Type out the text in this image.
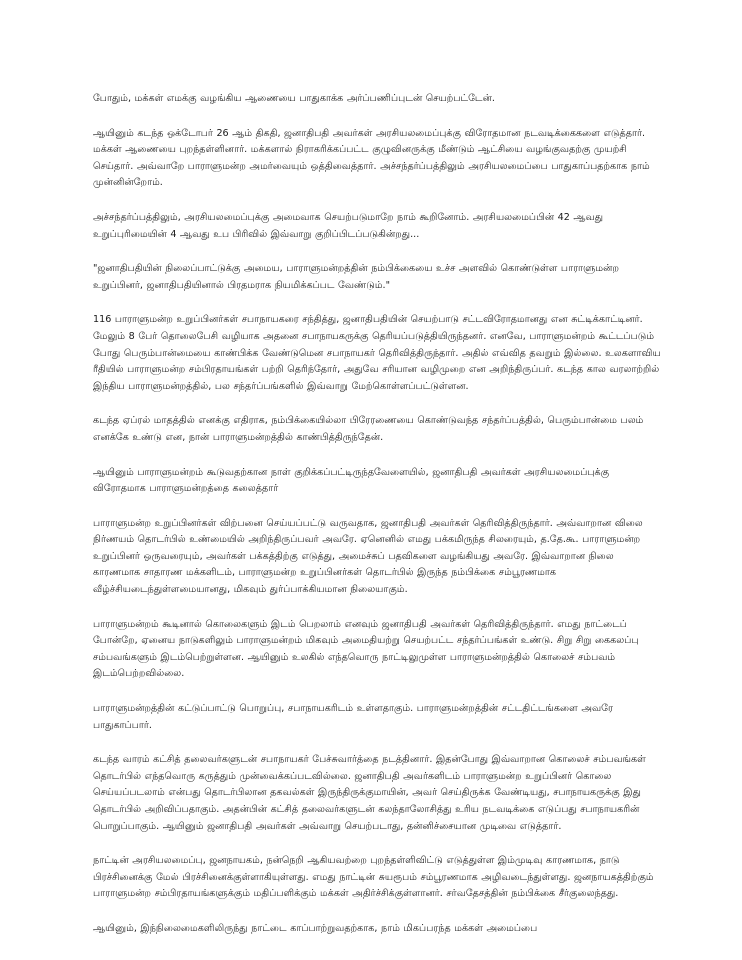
போதும், மக்கள் எமக்கு வழங்கிய ஆணையை பாதுகாக்க அர்ப்பணிப்புடன் செயற்பட்டேன்.

ஆயினும் கடந்த ஒக்டோபர் 26 ஆம் திகதி, ஜனாதிபதி அவர்கள் அரசியலமைப்புக்கு விரோதமான நடவடிக்கைகளை எடுத்தார். மக்கள் ஆணையை புறந்தள்ளினார். மக்களால் நிராகரிக்கப்பட்ட குழுவினருக்கு மீண்டும் ஆட்சியை வழங்குவதற்கு முயற்சி செய்தார். அவ்வாறே பாராளுமன்ற அமர்வையும் ஒத்திவைத்தார். அச்சந்தர்ப்பத்திலும் அரசியலமைப்பை பாதுகாப்பதற்காக நாம் முன்னின்றோம்.

அச்சந்தர்ப்பத்திலும், அரசியலமைப்புக்கு அமைவாக செயற்படுமாறே நாம் கூறினோம். அரசியலமைப்பின் 42 ஆவது உறுப்புரிமையின் 4 ஆவது உப பிரிவில் இவ்வாறு குறிப்பிடப்படுகின்றது...

"ஜனாதிபதியின் நிலைப்பாட்டுக்கு அமைய, பாராளுமன்றத்தின் நம்பிக்கையை உச்ச அளவில் கொண்டுள்ள பாராளுமன்ற உறுப்பினர், ஜனாதிபதியினால் பிரதமராக நியமிக்கப்பட வேண்டும்."

116 பாராளுமன்ற உறுப்பினர்கள் சபாநாயகரை சந்தித்து, ஜனாதிபதியின் செயற்பாடு சட்டவிரோதமானது என சுட்டிக்காட்டினர். மேலும் 8 பேர் தொலைபேசி வழியாக அதனை சபாநாயகருக்கு தெரியப்படுத்தியிருந்தனர். எனவே, பாராளுமன்றம் கூட்டப்படும் போது பெரும்பான்மையை காண்பிக்க வேண்டுமென சபாநாயகர் தெரிவித்திருந்தார். அதில் எவ்வித தவறும் இல்லை. உலகளாவிய ரீதியில் பாராளுமன்ற சம்பிரதாயங்கள் பற்றி தெரிந்தோர், அதுவே சரியான வழிமுறை என அறிந்திருப்பர். கடந்த கால வரலாற்றில் இந்திய பாராளுமன்றத்தில், பல சந்தர்ப்பங்களில் இவ்வாறு மேற்கொள்ளப்பட்டுள்ளன.

கடந்த ஏப்ரல் மாதத்தில் எனக்கு எதிராக, நம்பிக்கையில்லா பிரேரணையை கொண்டுவந்த சந்தர்ப்பத்தில், பெரும்பான்மை பலம் எனக்கே உண்டு என, நான் பாராளுமன்றத்தில் காண்பித்திருந்தேன்.

ஆயினும் பாராளுமன்றம் கூடுவதற்கான நாள் குறிக்கப்பட்டிருந்தவேளையில், ஜனாதிபதி அவர்கள் அரசியலமைப்புக்கு விரோதமாக பாராளுமன்றத்தை கலைத்தார்

பாராளுமன்ற உறுப்பினர்கள் விற்பனை செய்யப்பட்டு வருவதாக, ஜனாதிபதி அவர்கள் தெரிவித்திருந்தார். அவ்வாறான விலை நிர்ணயம் தொடர்பில் உண்மையில் அறிந்திருப்பவர் அவரே. ஏனெனில் எமது பக்கமிருந்த சிலரையும், த.தே.கூ. பாராளுமன்ற உறுப்பினர் ஒருவரையும், அவர்கள் பக்கத்திற்கு எடுத்து, அமைச்சுப் பதவிகளை வழங்கியது அவரே. இவ்வாறான நிலை காரணமாக சாதாரண மக்களிடம், பாராளுமன்ற உறுப்பினர்கள் தொடர்பில் இருந்த நம்பிக்கை சம்பூரணமாக வீழ்ச்சியடைந்துள்ளமையானது, மிகவும் துர்ப்பாக்கியமான நிலையாகும்.

பாராளுமன்றம் கூடினால் கொலைகளும் இடம் பெறலாம் எனவும் ஜனாதிபதி அவர்கள் தெரிவித்திருந்தார். எமது நாட்டைப் போன்றே, ஏனைய நாடுகளிலும் பாராளுமன்றம் மிகவும் அமைதியற்று செயற்பட்ட சந்தர்ப்பங்கள் உண்டு. சிறு சிறு கைகலப்பு சம்பவங்களும் இடம்பெற்றுள்ளன. ஆயினும் உலகில் எந்தவொரு நாட்டிலுமுள்ள பாராளுமன்றத்தில் கொலைச் சம்பவம் இடம்பெற்றவில்லை.

பாராளுமன்றத்தின் கட்டுப்பாட்டு பொறுப்பு, சபாநாயகரிடம் உள்ளதாகும். பாராளுமன்றத்தின் சட்டதிட்டங்களை அவரே பாதுகாப்பார்.

கடந்த வாரம் கட்சித் தலைவர்களுடன் சபாநாயகர் பேச்சுவார்த்தை நடத்தினார். இதன்போது இவ்வாறான கொலைச் சம்பவங்கள் தொடர்பில் எந்தவொரு கருத்தும் முன்வைக்கப்படவில்லை. ஜனாதிபதி அவர்களிடம் பாராளுமன்ற உறுப்பினர் கொலை செய்யப்படலாம் என்பது தொடர்பிலான தகவல்கள் இருந்திருக்குமாயின், அவர் செய்திருக்க வேண்டியது, சபாநாயகருக்கு இது தொடர்பில் அறிவிப்பதாகும். அதன்பின் கட்சித் தலைவர்களுடன் கலந்தாலோசித்து உரிய நடவடிக்கை எடுப்பது சபாநாயகரின் பொறுப்பாகும். ஆயினும் ஜனாதிபதி அவர்கள் அவ்வாறு செயற்படாது, தன்னிச்சையான முடிவை எடுத்தார்.

நாட்டின் அரசியலமைப்பு, ஜனநாயகம், நன்நெறி ஆகியவற்றை புறந்தள்ளிவிட்டு எடுத்துள்ள இம்முடிவு காரணமாக, நாடு பிரச்சினைக்கு மேல் பிரச்சினைக்குள்ளாகியுள்ளது. எமது நாட்டின் சுயரூபம் சம்பூரணமாக அழிவடைந்துள்ளது. ஜனநாயகத்திற்கும் பாராளுமன்ற சம்பிரதாயங்களுக்கும் மதிப்பளிக்கும் மக்கள் அதிர்ச்சிக்குள்ளானர். சர்வதேசத்தின் நம்பிக்கை சீர்குலைந்தது.

ஆயினும், இந்நிலைமைகளிலிருந்து நாட்டை காப்பாற்றுவதற்காக, நாம் மிகப்பரந்த மக்கள் அமைப்பை
